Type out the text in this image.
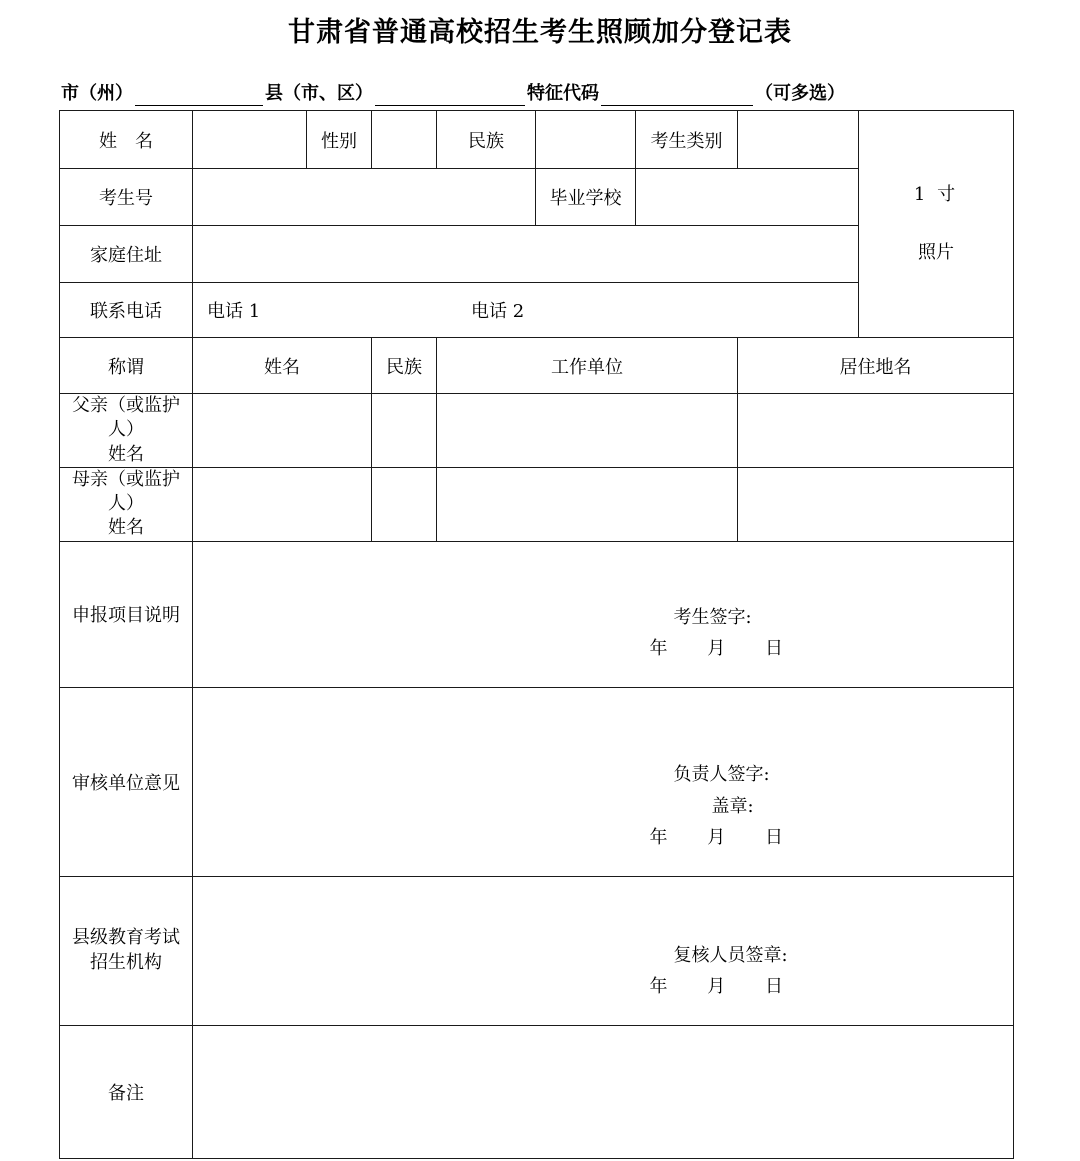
甘肃省普通高校招生考生照顾加分登记表
市（州）	县（市、区）	特征代码	（可多选）
姓　名		性别		民族		考生类别		1 寸
照片

考生号					毕业学校			
家庭住址								
联系电话	电话 1 电话 2							

称谓	姓名		民族	工作单位			居住地名	

父亲（或监护人）
姓名								

母亲（或监护人）
姓名								

申报项目说明	考生签字:
年 月 日							

审核单位意见	负责人签字:
盖章:
年 月 日							

县级教育考试
招生机构	复核人员签章:
年 月 日

备注								
